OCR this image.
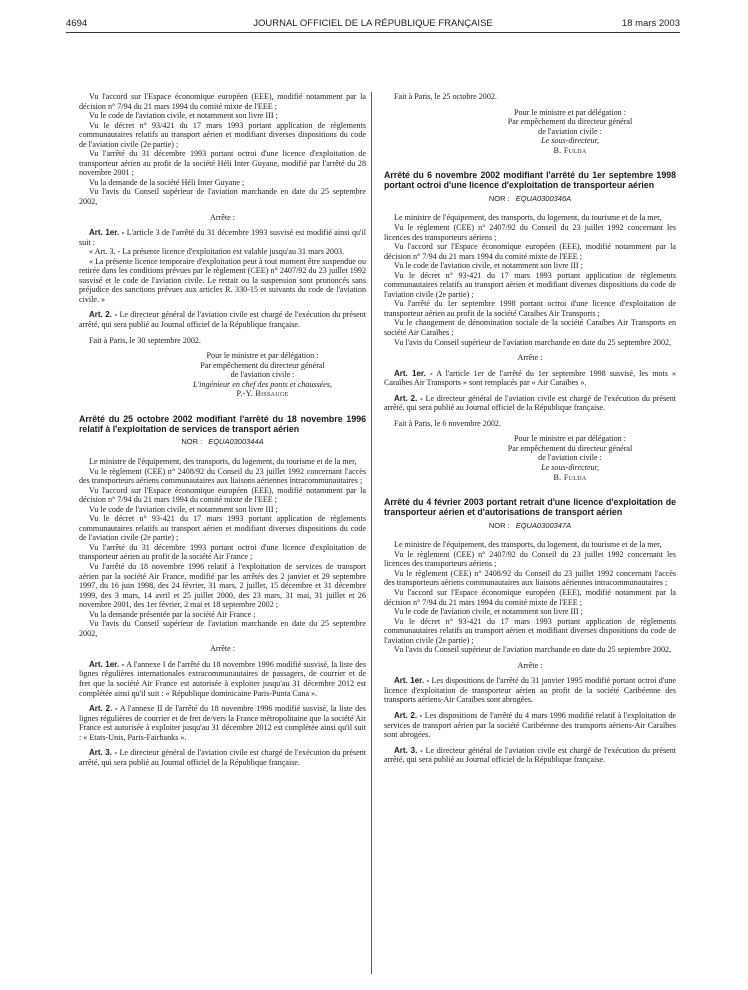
4694	JOURNAL OFFICIEL DE LA RÉPUBLIQUE FRANÇAISE	18 mars 2003

Vu l'accord sur l'Espace économique européen (EEE), modifié notamment par la décision n° 7/94 du 21 mars 1994 du comité mixte de l'EEE ;

Vu le code de l'aviation civile, et notamment son livre III ;

Vu le décret n° 93/421 du 17 mars 1993 portant application de règlements communautaires relatifs au transport aérien et modifiant diverses dispositions du code de l'aviation civile (2e partie) ;

Vu l'arrêté du 31 décembre 1993 portant octroi d'une licence d'exploitation de transporteur aérien au profit de la société Héli Inter Guyane, modifié par l'arrêté du 28 novembre 2001 ;

Vu la demande de la société Héli Inter Guyane ;

Vu l'avis du Conseil supérieur de l'aviation marchande en date du 25 septembre 2002,

Arrête :

Art. 1er. - L'article 3 de l'arrêté du 31 décembre 1993 susvisé est modifié ainsi qu'il suit :

« Art. 3. - La présente licence d'exploitation est valable jusqu'au 31 mars 2003.

« La présente licence temporaire d'exploitation peut à tout moment être suspendue ou retirée dans les conditions prévues par le règlement (CEE) n° 2407/92 du 23 juillet 1992 susvisé et le code de l'aviation civile. Le retrait ou la suspension sont prononcés sans préjudice des sanctions prévues aux articles R. 330-15 et suivants du code de l'aviation civile. »

Art. 2. - Le directeur général de l'aviation civile est chargé de l'exécution du présent arrêté, qui sera publié au Journal officiel de la République française.

Fait à Paris, le 30 septembre 2002.

Pour le ministre et par délégation :

Par empêchement du directeur général

de l'aviation civile :

L'ingénieur en chef des ponts et chaussées,

P.-Y. Bissauge

Arrêté du 25 octobre 2002 modifiant l'arrêté du 18 novembre 1996 relatif à l'exploitation de services de transport aérien

NOR : EQUA0300344A

Le ministre de l'équipement, des transports, du logement, du tourisme et de la mer,

Vu le règlement (CEE) n° 2408/92 du Conseil du 23 juillet 1992 concernant l'accès des transporteurs aériens communautaires aux liaisons aériennes intracommunautaires ;

Vu l'accord sur l'Espace économique européen (EEE), modifié notamment par la décision n° 7/94 du 21 mars 1994 du comité mixte de l'EEE ;

Vu le code de l'aviation civile, et notamment son livre III ;

Vu le décret n° 93-421 du 17 mars 1993 portant application de règlements communautaires relatifs au transport aérien et modifiant diverses dispositions du code de l'aviation civile (2e partie) ;

Vu l'arrêté du 31 décembre 1993 portant octroi d'une licence d'exploitation de transporteur aérien au profit de la société Air France ;

Vu l'arrêté du 18 novembre 1996 relatif à l'exploitation de services de transport aérien par la société Air France, modifié par les arrêtés des 2 janvier et 29 septembre 1997, du 16 juin 1998, des 24 février, 31 mars, 2 juillet, 15 décembre et 31 décembre 1999, des 3 mars, 14 avril et 25 juillet 2000, des 23 mars, 31 mai, 31 juillet et 26 novembre 2001, des 1er février, 2 mai et 18 septembre 2002 ;

Vu la demande présentée par la société Air France ;

Vu l'avis du Conseil supérieur de l'aviation marchande en date du 25 septembre 2002,

Arrête :

Art. 1er. - A l'annexe I de l'arrêté du 18 novembre 1996 modifié susvisé, la liste des lignes régulières internationales extracommunautaires de passagers, de courrier et de fret que la société Air France est autorisée à exploiter jusqu'au 31 décembre 2012 est complétée ainsi qu'il suit : « République dominicaine Paris-Punta Cana ».

Art. 2. - A l'annexe II de l'arrêté du 18 novembre 1996 modifié susvisé, la liste des lignes régulières de courrier et de fret de/vers la France métropolitaine que la société Air France est autorisée à exploiter jusqu'au 31 décembre 2012 est complétée ainsi qu'il suit : « Etats-Unis, Paris-Fairbanks ».

Art. 3. - Le directeur général de l'aviation civile est chargé de l'exécution du présent arrêté, qui sera publié au Journal officiel de la République française.

Fait à Paris, le 25 octobre 2002.

Pour le ministre et par délégation :

Par empêchement du directeur général

de l'aviation civile :

Le sous-directeur,

B. Fulda

Arrêté du 6 novembre 2002 modifiant l'arrêté du 1er septembre 1998 portant octroi d'une licence d'exploitation de transporteur aérien

NOR : EQUA0300346A

Le ministre de l'équipement, des transports, du logement, du tourisme et de la mer,

Vu le règlement (CEE) n° 2407/92 du Conseil du 23 juillet 1992 concernant les licences des transporteurs aériens ;

Vu l'accord sur l'Espace économique européen (EEE), modifié notamment par la décision n° 7/94 du 21 mars 1994 du comité mixte de l'EEE ;

Vu le code de l'aviation civile, et notamment son livre III ;

Vu le décret n° 93-421 du 17 mars 1993 portant application de règlements communautaires relatifs au transport aérien et modifiant diverses dispositions du code de l'aviation civile (2e partie) ;

Vu l'arrêté du 1er septembre 1998 portant octroi d'une licence d'exploitation de transporteur aérien au profit de la société Caraïbes Air Transports ;

Vu le changement de dénomination sociale de la société Caraïbes Air Transports en société Air Caraïbes ;

Vu l'avis du Conseil supérieur de l'aviation marchande en date du 25 septembre 2002,

Arrête :

Art. 1er. - A l'article 1er de l'arrêté du 1er septembre 1998 susvisé, les mots « Caraïbes Air Transports » sont remplacés par « Air Caraïbes ».

Art. 2. - Le directeur général de l'aviation civile est chargé de l'exécution du présent arrêté, qui sera publié au Journal officiel de la République française.

Fait à Paris, le 6 novembre 2002.

Pour le ministre et par délégation :

Par empêchement du directeur général

de l'aviation civile :

Le sous-directeur,

B. Fulda

Arrêté du 4 février 2003 portant retrait d'une licence d'exploitation de transporteur aérien et d'autorisations de transport aérien

NOR : EQUA0300347A

Le ministre de l'équipement, des transports, du logement, du tourisme et de la mer,

Vu le règlement (CEE) n° 2407/92 du Conseil du 23 juillet 1992 concernant les licences des transporteurs aériens ;

Vu le règlement (CEE) n° 2408/92 du Conseil du 23 juillet 1992 concernant l'accès des transporteurs aériens communautaires aux liaisons aériennes intracommunautaires ;

Vu l'accord sur l'Espace économique européen (EEE), modifié notamment par la décision n° 7/94 du 21 mars 1994 du comité mixte de l'EEE ;

Vu le code de l'aviation civile, et notamment son livre III ;

Vu le décret n° 93-421 du 17 mars 1993 portant application de règlements communautaires relatifs au transport aérien et modifiant diverses dispositions du code de l'aviation civile (2e partie) ;

Vu l'avis du Conseil supérieur de l'aviation marchande en date du 25 septembre 2002,

Arrête :

Art. 1er. - Les dispositions de l'arrêté du 31 janvier 1995 modifié portant octroi d'une licence d'exploitation de transporteur aérien au profit de la société Caribéenne des transports aériens-Air Caraïbes sont abrogées.

Art. 2. - Les dispositions de l'arrêté du 4 mars 1996 modifié relatif à l'exploitation de services de transport aérien par la société Caribéenne des transports aériens-Air Caraïbes sont abrogées.

Art. 3. - Le directeur général de l'aviation civile est chargé de l'exécution du présent arrêté, qui sera publié au Journal officiel de la République française.
